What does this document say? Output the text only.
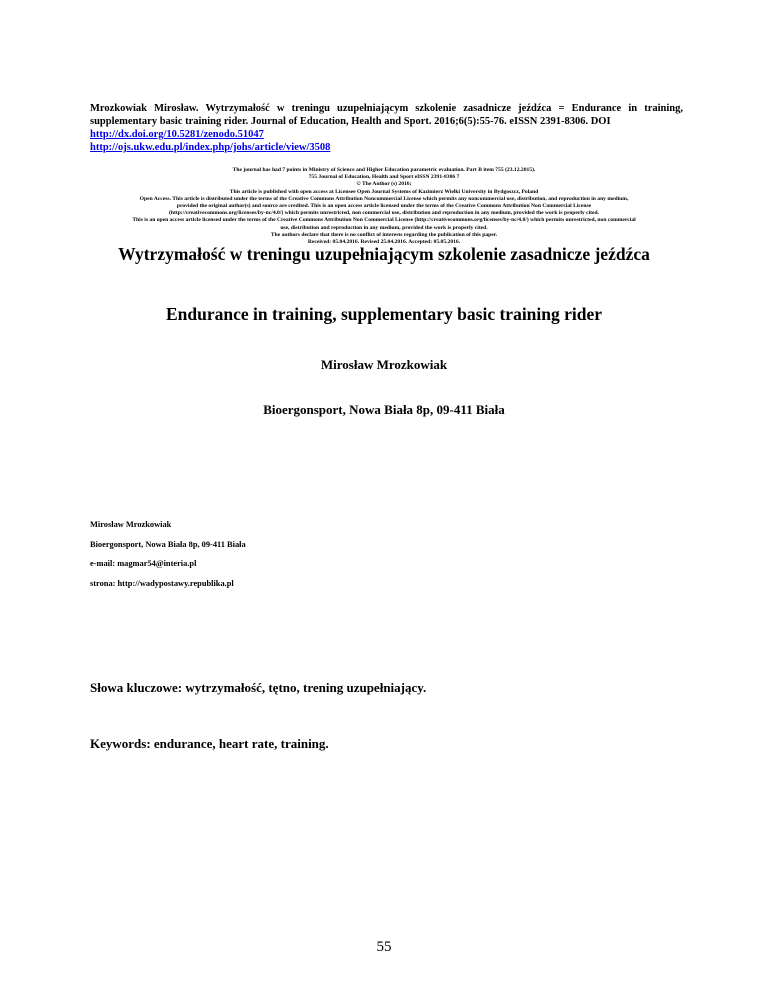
Mrozkowiak Mirosław. Wytrzymałość w treningu uzupełniającym szkolenie zasadnicze jeźdźca = Endurance in training, supplementary basic training rider. Journal of Education, Health and Sport. 2016;6(5):55-76. eISSN 2391-8306. DOI
http://dx.doi.org/10.5281/zenodo.51047
http://ojs.ukw.edu.pl/index.php/johs/article/view/3508
The journal has had 7 points in Ministry of Science and Higher Education parametric evaluation. Part B item 755 (23.12.2015).
755 Journal of Education, Health and Sport eISSN 2391-8306 7
© The Author (s) 2016;
This article is published with open access at Licensee Open Journal Systems of Kazimierz Wielki University in Bydgoszcz, Poland
Open Access. This article is distributed under the terms of the Creative Commons Attribution Noncommercial License which permits any noncommercial use, distribution, and reproduction in any medium,
provided the original author(s) and source are credited. This is an open access article licensed under the terms of the Creative Commons Attribution Non Commercial License
(http://creativecommons.org/licenses/by-nc/4.0/) which permits unrestricted, non commercial use, distribution and reproduction in any medium, provided the work is properly cited.
This is an open access article licensed under the terms of the Creative Commons Attribution Non Commercial License (http://creativecommons.org/licenses/by-nc/4.0/) which permits unrestricted, non commercial
use, distribution and reproduction in any medium, provided the work is properly cited.
The authors declare that there is no conflict of interests regarding the publication of this paper.
Received: 05.04.2016. Revised 25.04.2016. Accepted: 05.05.2016.
Wytrzymałość w treningu uzupełniającym szkolenie zasadnicze jeźdźca
Endurance in training, supplementary basic training rider
Mirosław Mrozkowiak
Bioergonsport, Nowa Biała 8p, 09-411 Biała
Mirosław Mrozkowiak
Bioergonsport, Nowa Biała 8p, 09-411 Biała
e-mail: magmar54@interia.pl
strona: http://wadypostawy.republika.pl
Słowa kluczowe: wytrzymałość, tętno, trening uzupełniający.
Keywords: endurance, heart rate, training.
55
